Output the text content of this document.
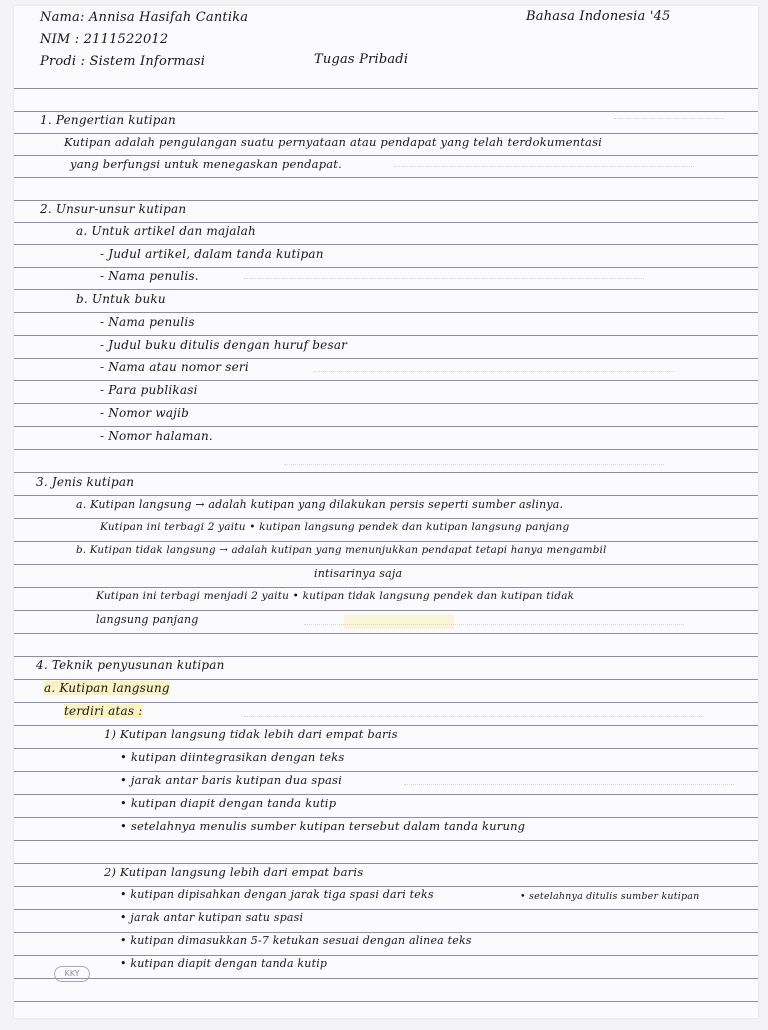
Nama: Annisa Hasifah Cantika
NIM : 2111522012
Prodi : Sistem Informasi	Tugas Pribadi
Bahasa Indonesia '45
1. Pengertian kutipan
Kutipan adalah pengulangan suatu pernyataan atau pendapat yang telah terdokumentasi
yang berfungsi untuk menegaskan pendapat.
2. Unsur-unsur kutipan
a. Untuk artikel dan majalah
- Judul artikel, dalam tanda kutipan
- Nama penulis.
b. Untuk buku
- Nama penulis
- Judul buku ditulis dengan huruf besar
- Nama atau nomor seri
- Para publikasi
- Nomor wajib
- Nomor halaman.
3. Jenis kutipan
a. Kutipan langsung → adalah kutipan yang dilakukan persis seperti sumber aslinya.
Kutipan ini terbagi 2 yaitu • kutipan langsung pendek dan kutipan langsung panjang
b. Kutipan tidak langsung → adalah kutipan yang menunjukkan pendapat tetapi hanya mengambil
intisarinya saja
Kutipan ini terbagi menjadi 2 yaitu • kutipan tidak langsung pendek dan kutipan tidak
langsung panjang
4. Teknik penyusunan kutipan
a. Kutipan langsung
terdiri atas :
1) Kutipan langsung tidak lebih dari empat baris
• kutipan diintegrasikan dengan teks
• jarak antar baris kutipan dua spasi
• kutipan diapit dengan tanda kutip
• setelahnya menulis sumber kutipan tersebut dalam tanda kurung
2) Kutipan langsung lebih dari empat baris
• kutipan dipisahkan dengan jarak tiga spasi dari teks
• jarak antar kutipan satu spasi
• kutipan dimasukkan 5-7 ketukan sesuai dengan alinea teks
• kutipan diapit dengan tanda kutip
• setelahnya ditulis sumber kutipan
KKY
